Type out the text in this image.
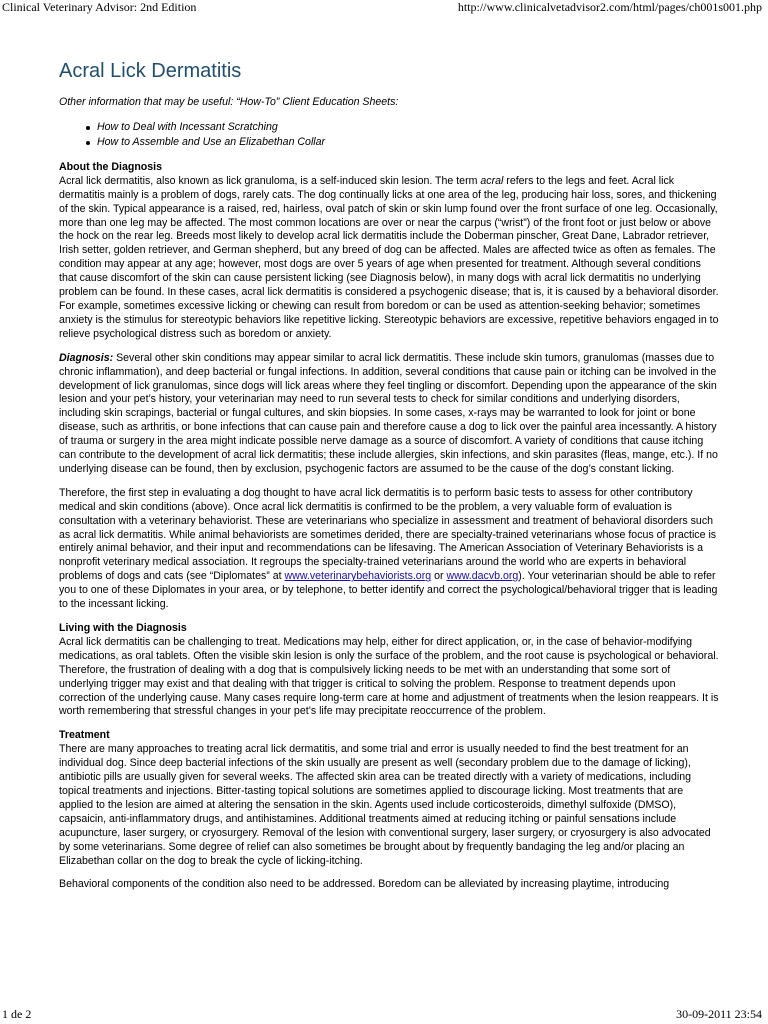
Clinical Veterinary Advisor: 2nd Edition	http://www.clinicalvetadvisor2.com/html/pages/ch001s001.php
Acral Lick Dermatitis

Other information that may be useful: “How-To” Client Education Sheets:

How to Deal with Incessant Scratching
How to Assemble and Use an Elizabethan Collar
About the Diagnosis

Acral lick dermatitis, also known as lick granuloma, is a self-induced skin lesion. The term acral refers to the legs and feet. Acral lick dermatitis mainly is a problem of dogs, rarely cats. The dog continually licks at one area of the leg, producing hair loss, sores, and thickening of the skin. Typical appearance is a raised, red, hairless, oval patch of skin or skin lump found over the front surface of one leg. Occasionally, more than one leg may be affected. The most common locations are over or near the carpus (“wrist”) of the front foot or just below or above the hock on the rear leg. Breeds most likely to develop acral lick dermatitis include the Doberman pinscher, Great Dane, Labrador retriever, Irish setter, golden retriever, and German shepherd, but any breed of dog can be affected. Males are affected twice as often as females. The condition may appear at any age; however, most dogs are over 5 years of age when presented for treatment. Although several conditions that cause discomfort of the skin can cause persistent licking (see Diagnosis below), in many dogs with acral lick dermatitis no underlying problem can be found. In these cases, acral lick dermatitis is considered a psychogenic disease; that is, it is caused by a behavioral disorder. For example, sometimes excessive licking or chewing can result from boredom or can be used as attention-seeking behavior; sometimes anxiety is the stimulus for stereotypic behaviors like repetitive licking. Stereotypic behaviors are excessive, repetitive behaviors engaged in to relieve psychological distress such as boredom or anxiety.

Diagnosis: Several other skin conditions may appear similar to acral lick dermatitis. These include skin tumors, granulomas (masses due to chronic inflammation), and deep bacterial or fungal infections. In addition, several conditions that cause pain or itching can be involved in the development of lick granulomas, since dogs will lick areas where they feel tingling or discomfort. Depending upon the appearance of the skin lesion and your pet’s history, your veterinarian may need to run several tests to check for similar conditions and underlying disorders, including skin scrapings, bacterial or fungal cultures, and skin biopsies. In some cases, x-rays may be warranted to look for joint or bone disease, such as arthritis, or bone infections that can cause pain and therefore cause a dog to lick over the painful area incessantly. A history of trauma or surgery in the area might indicate possible nerve damage as a source of discomfort. A variety of conditions that cause itching can contribute to the development of acral lick dermatitis; these include allergies, skin infections, and skin parasites (fleas, mange, etc.). If no underlying disease can be found, then by exclusion, psychogenic factors are assumed to be the cause of the dog’s constant licking.

Therefore, the first step in evaluating a dog thought to have acral lick dermatitis is to perform basic tests to assess for other contributory medical and skin conditions (above). Once acral lick dermatitis is confirmed to be the problem, a very valuable form of evaluation is consultation with a veterinary behaviorist. These are veterinarians who specialize in assessment and treatment of behavioral disorders such as acral lick dermatitis. While animal behaviorists are sometimes derided, there are specialty-trained veterinarians whose focus of practice is entirely animal behavior, and their input and recommendations can be lifesaving. The American Association of Veterinary Behaviorists is a nonprofit veterinary medical association. It regroups the specialty-trained veterinarians around the world who are experts in behavioral problems of dogs and cats (see “Diplomates” at www.veterinarybehaviorists.org or www.dacvb.org). Your veterinarian should be able to refer you to one of these Diplomates in your area, or by telephone, to better identify and correct the psychological/behavioral trigger that is leading to the incessant licking.

Living with the Diagnosis

Acral lick dermatitis can be challenging to treat. Medications may help, either for direct application, or, in the case of behavior-modifying medications, as oral tablets. Often the visible skin lesion is only the surface of the problem, and the root cause is psychological or behavioral. Therefore, the frustration of dealing with a dog that is compulsively licking needs to be met with an understanding that some sort of underlying trigger may exist and that dealing with that trigger is critical to solving the problem. Response to treatment depends upon correction of the underlying cause. Many cases require long-term care at home and adjustment of treatments when the lesion reappears. It is worth remembering that stressful changes in your pet’s life may precipitate reoccurrence of the problem.

Treatment

There are many approaches to treating acral lick dermatitis, and some trial and error is usually needed to find the best treatment for an individual dog. Since deep bacterial infections of the skin usually are present as well (secondary problem due to the damage of licking), antibiotic pills are usually given for several weeks. The affected skin area can be treated directly with a variety of medications, including topical treatments and injections. Bitter-tasting topical solutions are sometimes applied to discourage licking. Most treatments that are applied to the lesion are aimed at altering the sensation in the skin. Agents used include corticosteroids, dimethyl sulfoxide (DMSO), capsaicin, anti-inflammatory drugs, and antihistamines. Additional treatments aimed at reducing itching or painful sensations include acupuncture, laser surgery, or cryosurgery. Removal of the lesion with conventional surgery, laser surgery, or cryosurgery is also advocated by some veterinarians. Some degree of relief can also sometimes be brought about by frequently bandaging the leg and/or placing an Elizabethan collar on the dog to break the cycle of licking-itching.

Behavioral components of the condition also need to be addressed. Boredom can be alleviated by increasing playtime, introducing

1 de 2	30-09-2011 23:54
